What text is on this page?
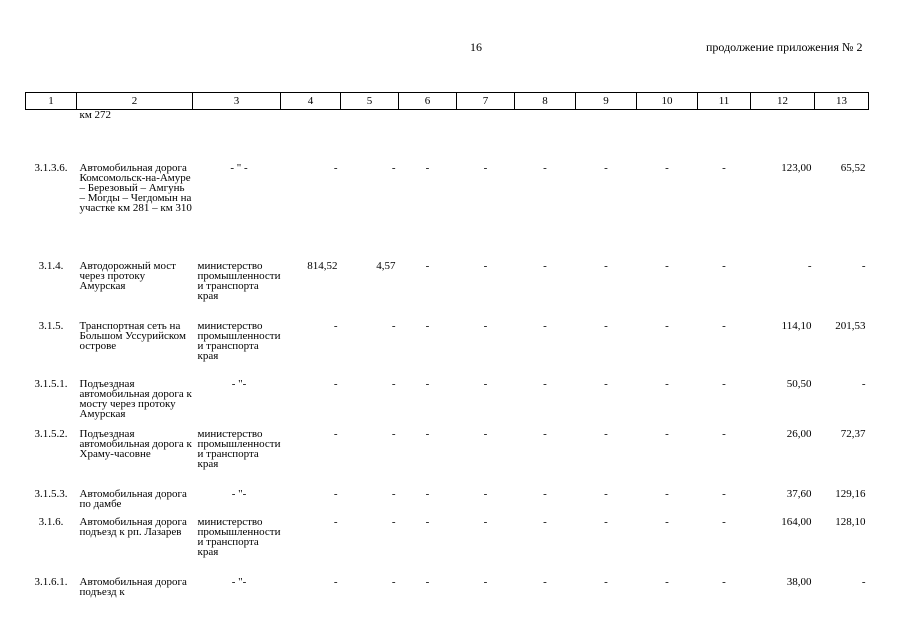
16	продолжение приложения № 2
1	2	3	4	5	6	7	8	9	10	11	12	13
	км 272											
3.1.3.6.	Автомобильная дорога Комсомольск-на-Амуре – Березовый – Амгунь – Могды – Чегдомын на участке км 281 – км 310	- " -	-	-	-	-	-	-	-	-	123,00	65,52
3.1.4.	Автодорожный мост через протоку Амурская	министерство промышленности и транспорта края	814,52	4,57	-	-	-	-	-	-	-	-
3.1.5.	Транспортная сеть на Большом Уссурийском острове	министерство промышленности и транспорта края	-	-	-	-	-	-	-	-	114,10	201,53
3.1.5.1.	Подъездная автомобильная дорога к мосту через протоку Амурская	- "-	-	-	-	-	-	-	-	-	50,50	-
3.1.5.2.	Подъездная автомобильная дорога к Храму-часовне	министерство промышленности и транспорта края	-	-	-	-	-	-	-	-	26,00	72,37
3.1.5.3.	Автомобильная дорога по дамбе	- "-	-	-	-	-	-	-	-	-	37,60	129,16
3.1.6.	Автомобильная дорога подъезд к рп. Лазарев	министерство промышленности и транспорта края	-	-	-	-	-	-	-	-	164,00	128,10
3.1.6.1.	Автомобильная дорога подъезд к	- "-	-	-	-	-	-	-	-	-	38,00	-
